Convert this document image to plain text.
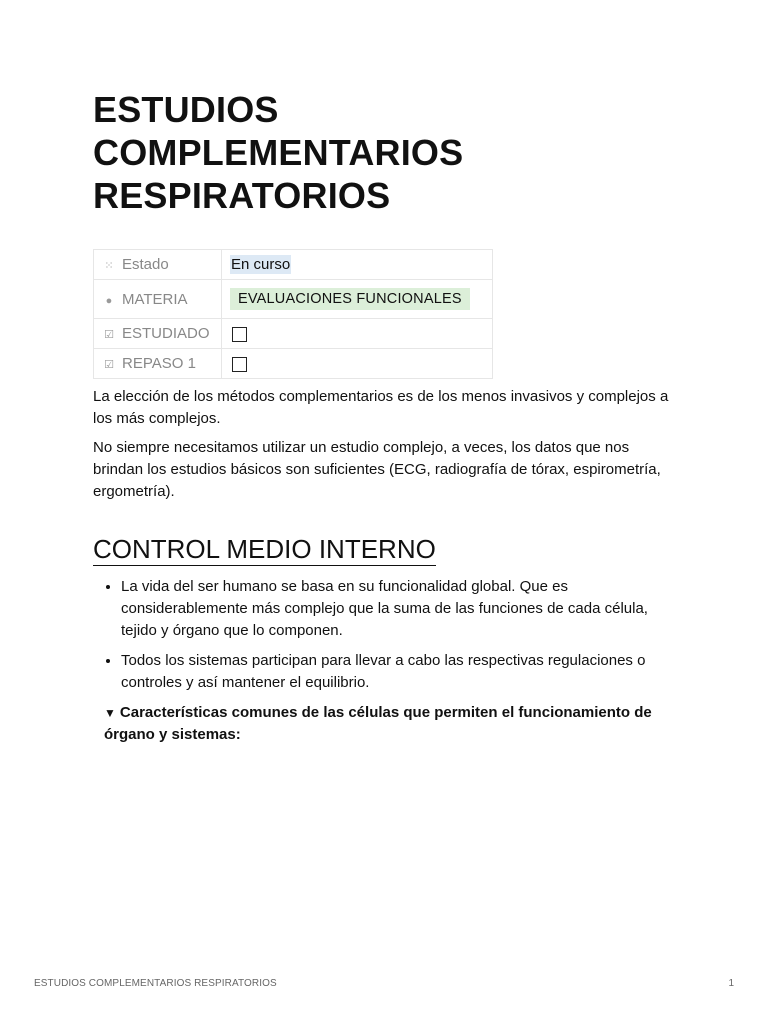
ESTUDIOS
COMPLEMENTARIOS
RESPIRATORIOS
⁙ Estado	En curso
● MATERIA	EVALUACIONES FUNCIONALES
☑ ESTUDIADO	
☑ REPASO 1	

La elección de los métodos complementarios es de los menos invasivos y complejos a los más complejos.

No siempre necesitamos utilizar un estudio complejo, a veces, los datos que nos brindan los estudios básicos son suficientes (ECG, radiografía de tórax, espirometría, ergometría).

CONTROL MEDIO INTERNO
• La vida del ser humano se basa en su funcionalidad global. Que es considerablemente más complejo que la suma de las funciones de cada célula, tejido y órgano que lo componen.
• Todos los sistemas participan para llevar a cabo las respectivas regulaciones o controles y así mantener el equilibrio.
▼ Características comunes de las células que permiten el funcionamiento de órgano y sistemas:
ESTUDIOS COMPLEMENTARIOS RESPIRATORIOS	1
